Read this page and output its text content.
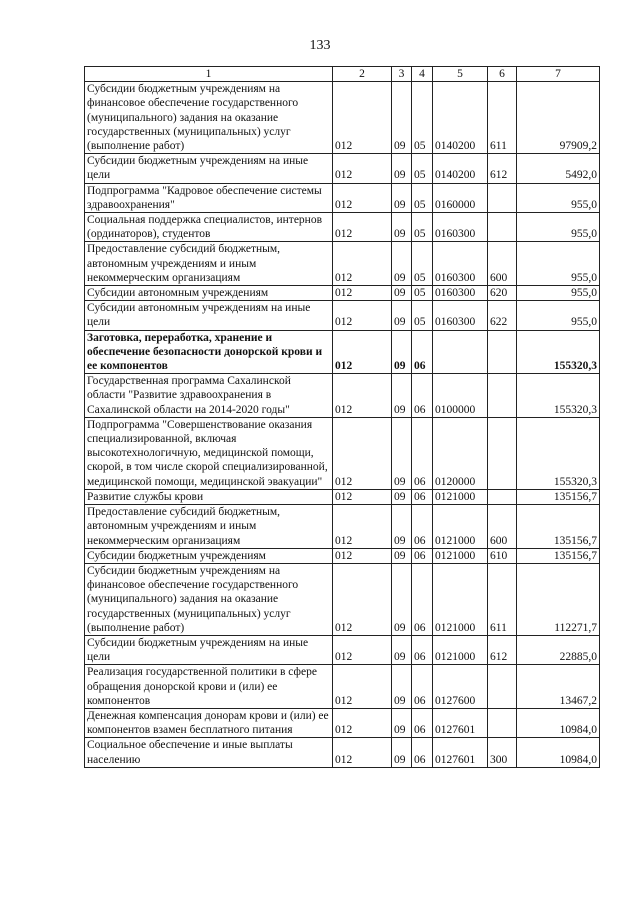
133
1	2	3	4	5	6	7
Субсидии бюджетным учреждениям на финансовое обеспечение государственного (муниципального) задания на оказание государственных (муниципальных) услуг (выполнение работ)	012	09	05	0140200	611	97909,2
Субсидии бюджетным учреждениям на иные цели	012	09	05	0140200	612	5492,0
Подпрограмма "Кадровое обеспечение системы здравоохранения"	012	09	05	0160000		955,0
Социальная поддержка специалистов, интернов (ординаторов), студентов	012	09	05	0160300		955,0
Предоставление субсидий бюджетным, автономным учреждениям и иным некоммерческим организациям	012	09	05	0160300	600	955,0
Субсидии автономным учреждениям	012	09	05	0160300	620	955,0
Субсидии автономным учреждениям на иные цели	012	09	05	0160300	622	955,0
Заготовка, переработка, хранение и обеспечение безопасности донорской крови и ее компонентов	012	09	06			155320,3
Государственная программа Сахалинской области "Развитие здравоохранения в Сахалинской области на 2014-2020 годы"	012	09	06	0100000		155320,3
Подпрограмма "Совершенствование оказания специализированной, включая высокотехнологичную, медицинской помощи, скорой, в том числе скорой специализированной, медицинской помощи, медицинской эвакуации"	012	09	06	0120000		155320,3
Развитие службы крови	012	09	06	0121000		135156,7
Предоставление субсидий бюджетным, автономным учреждениям и иным некоммерческим организациям	012	09	06	0121000	600	135156,7
Субсидии бюджетным учреждениям	012	09	06	0121000	610	135156,7
Субсидии бюджетным учреждениям на финансовое обеспечение государственного (муниципального) задания на оказание государственных (муниципальных) услуг (выполнение работ)	012	09	06	0121000	611	112271,7
Субсидии бюджетным учреждениям на иные цели	012	09	06	0121000	612	22885,0
Реализация государственной политики в сфере обращения донорской крови и (или) ее компонентов	012	09	06	0127600		13467,2
Денежная компенсация донорам крови и (или) ее компонентов взамен бесплатного питания	012	09	06	0127601		10984,0
Социальное обеспечение и иные выплаты населению	012	09	06	0127601	300	10984,0
